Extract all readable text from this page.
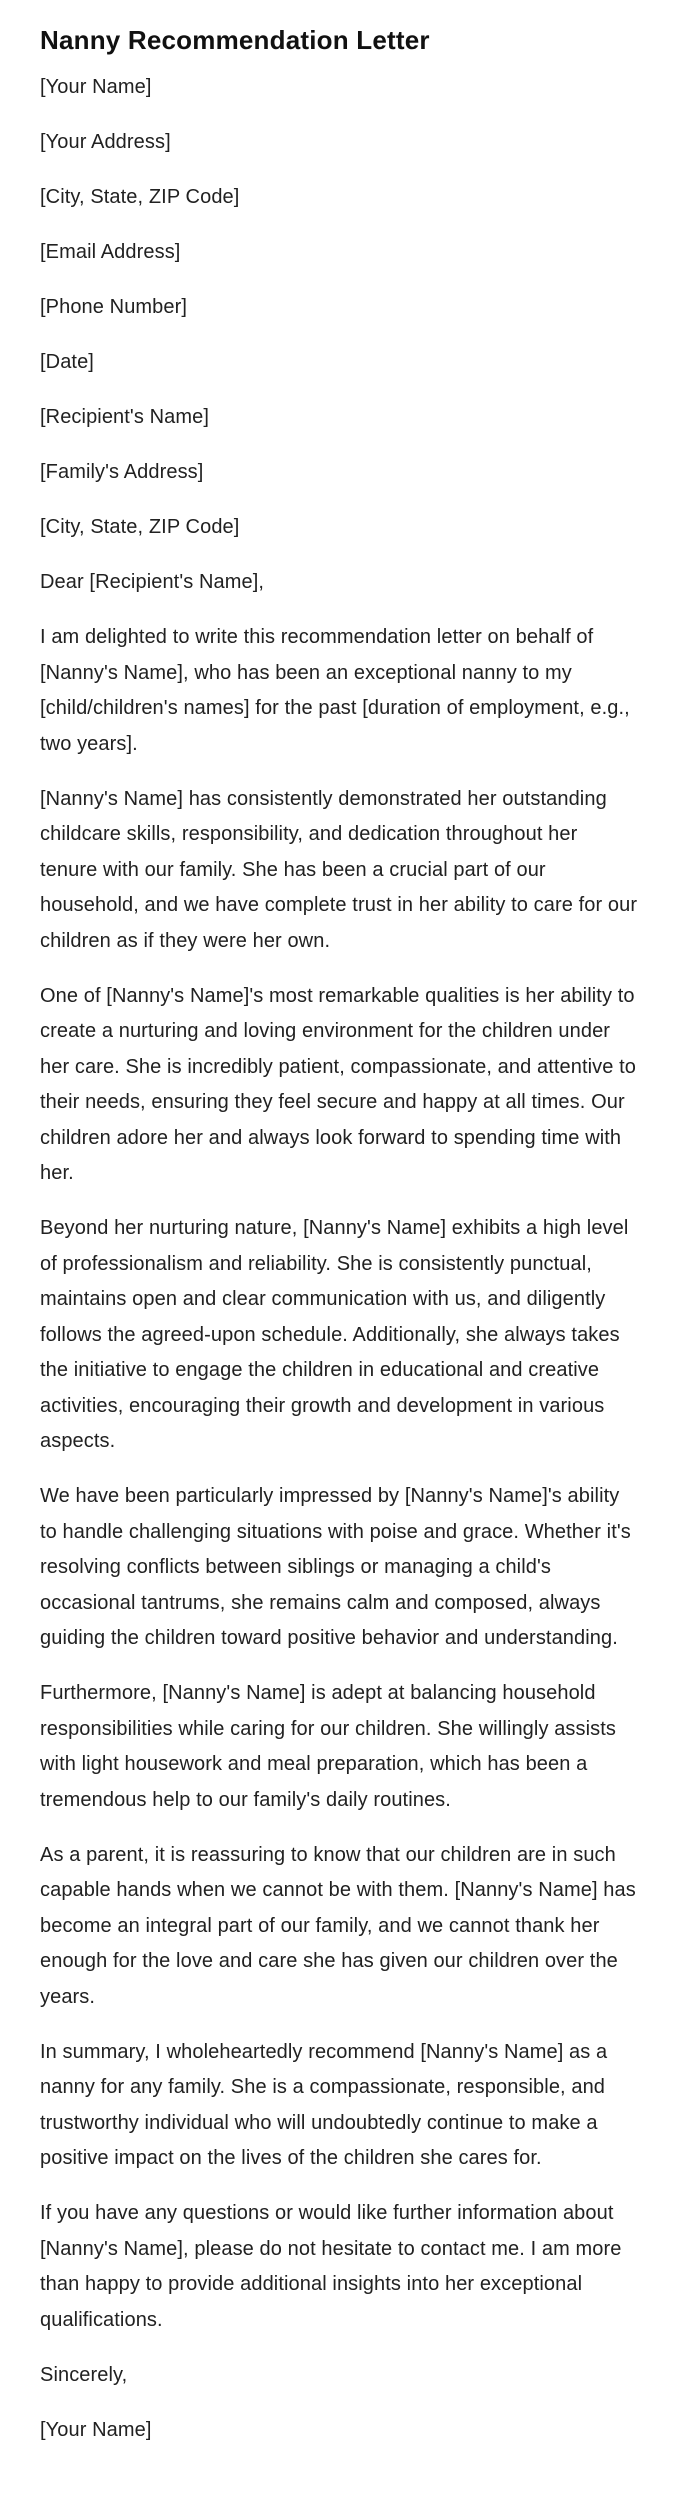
Nanny Recommendation Letter

[Your Name]

[Your Address]

[City, State, ZIP Code]

[Email Address]

[Phone Number]

[Date]

[Recipient's Name]

[Family's Address]

[City, State, ZIP Code]

Dear [Recipient's Name],

I am delighted to write this recommendation letter on behalf of [Nanny's Name], who has been an exceptional nanny to my [child/children's names] for the past [duration of employment, e.g., two years].

[Nanny's Name] has consistently demonstrated her outstanding childcare skills, responsibility, and dedication throughout her tenure with our family. She has been a crucial part of our household, and we have complete trust in her ability to care for our children as if they were her own.

One of [Nanny's Name]'s most remarkable qualities is her ability to create a nurturing and loving environment for the children under her care. She is incredibly patient, compassionate, and attentive to their needs, ensuring they feel secure and happy at all times. Our children adore her and always look forward to spending time with her.

Beyond her nurturing nature, [Nanny's Name] exhibits a high level of professionalism and reliability. She is consistently punctual, maintains open and clear communication with us, and diligently follows the agreed-upon schedule. Additionally, she always takes the initiative to engage the children in educational and creative activities, encouraging their growth and development in various aspects.

We have been particularly impressed by [Nanny's Name]'s ability to handle challenging situations with poise and grace. Whether it's resolving conflicts between siblings or managing a child's occasional tantrums, she remains calm and composed, always guiding the children toward positive behavior and understanding.

Furthermore, [Nanny's Name] is adept at balancing household responsibilities while caring for our children. She willingly assists with light housework and meal preparation, which has been a tremendous help to our family's daily routines.

As a parent, it is reassuring to know that our children are in such capable hands when we cannot be with them. [Nanny's Name] has become an integral part of our family, and we cannot thank her enough for the love and care she has given our children over the years.

In summary, I wholeheartedly recommend [Nanny's Name] as a nanny for any family. She is a compassionate, responsible, and trustworthy individual who will undoubtedly continue to make a positive impact on the lives of the children she cares for.

If you have any questions or would like further information about [Nanny's Name], please do not hesitate to contact me. I am more than happy to provide additional insights into her exceptional qualifications.

Sincerely,

[Your Name]
